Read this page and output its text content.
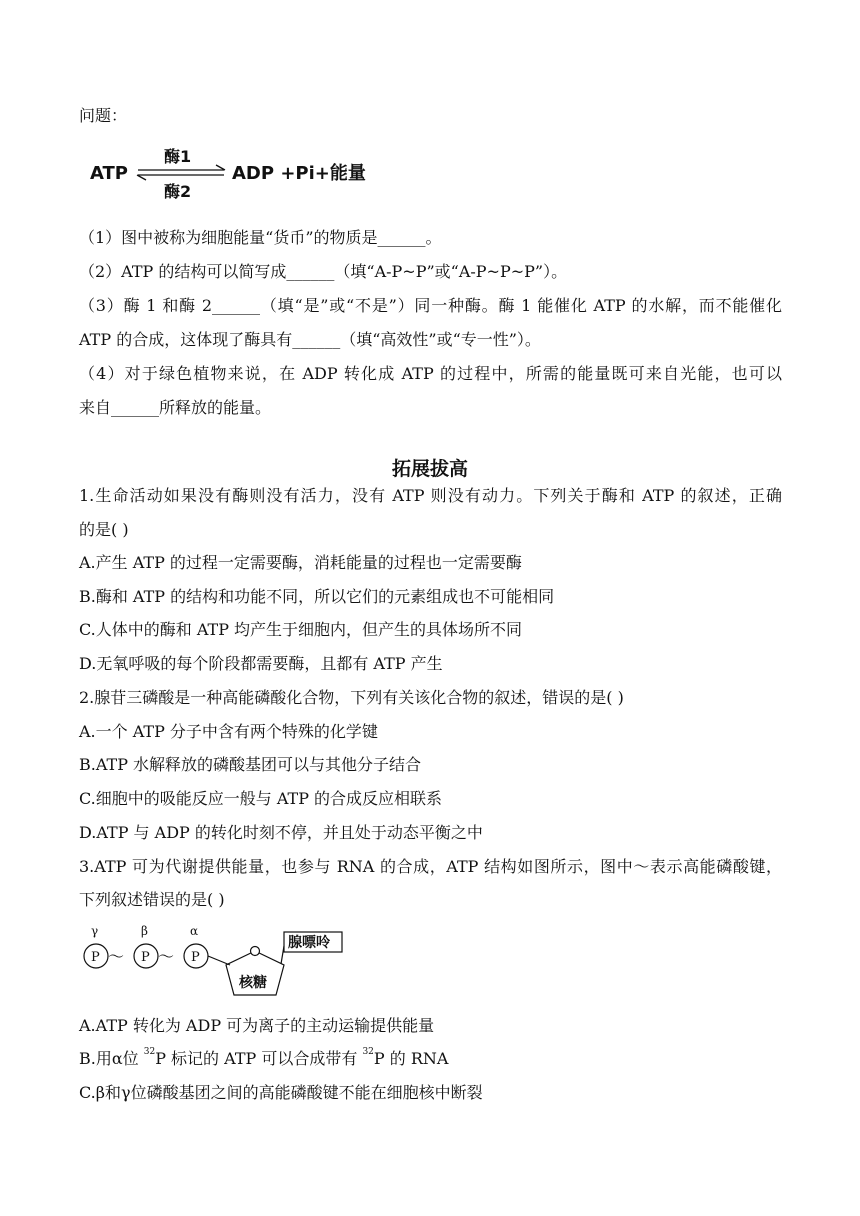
问题：
ATP
酶1
酶2
ADP +Pi+能量
（1）图中被称为细胞能量“货币”的物质是______。
（2）ATP 的结构可以简写成______（填“A-P~P”或“A-P~P~P”）。
（3）酶 1 和酶 2______（填“是”或“不是”）同一种酶。酶 1 能催化 ATP 的水解，而不能催化
ATP 的合成，这体现了酶具有______（填“高效性”或“专一性”）。
（4）对于绿色植物来说，在 ADP 转化成 ATP 的过程中，所需的能量既可来自光能，也可以
来自______所释放的能量。
拓展拔高
1.生命活动如果没有酶则没有活力，没有 ATP 则没有动力。下列关于酶和 ATP 的叙述，正确
的是( )
A.产生 ATP 的过程一定需要酶，消耗能量的过程也一定需要酶
B.酶和 ATP 的结构和功能不同，所以它们的元素组成也不可能相同
C.人体中的酶和 ATP 均产生于细胞内，但产生的具体场所不同
D.无氧呼吸的每个阶段都需要酶，且都有 ATP 产生
2.腺苷三磷酸是一种高能磷酸化合物，下列有关该化合物的叙述，错误的是( )
A.一个 ATP 分子中含有两个特殊的化学键
B.ATP 水解释放的磷酸基团可以与其他分子结合
C.细胞中的吸能反应一般与 ATP 的合成反应相联系
D.ATP 与 ADP 的转化时刻不停，并且处于动态平衡之中
3.ATP 可为代谢提供能量，也参与 RNA 的合成，ATP 结构如图所示，图中～表示高能磷酸键，
下列叙述错误的是( )
γ	β	α
P ～ P ～ P
核糖
腺嘌呤
A.ATP 转化为 ADP 可为离子的主动运输提供能量
B.用α位 $^{32}$P 标记的 ATP 可以合成带有 $^{32}$P 的 RNA
C.β和γ位磷酸基团之间的高能磷酸键不能在细胞核中断裂
